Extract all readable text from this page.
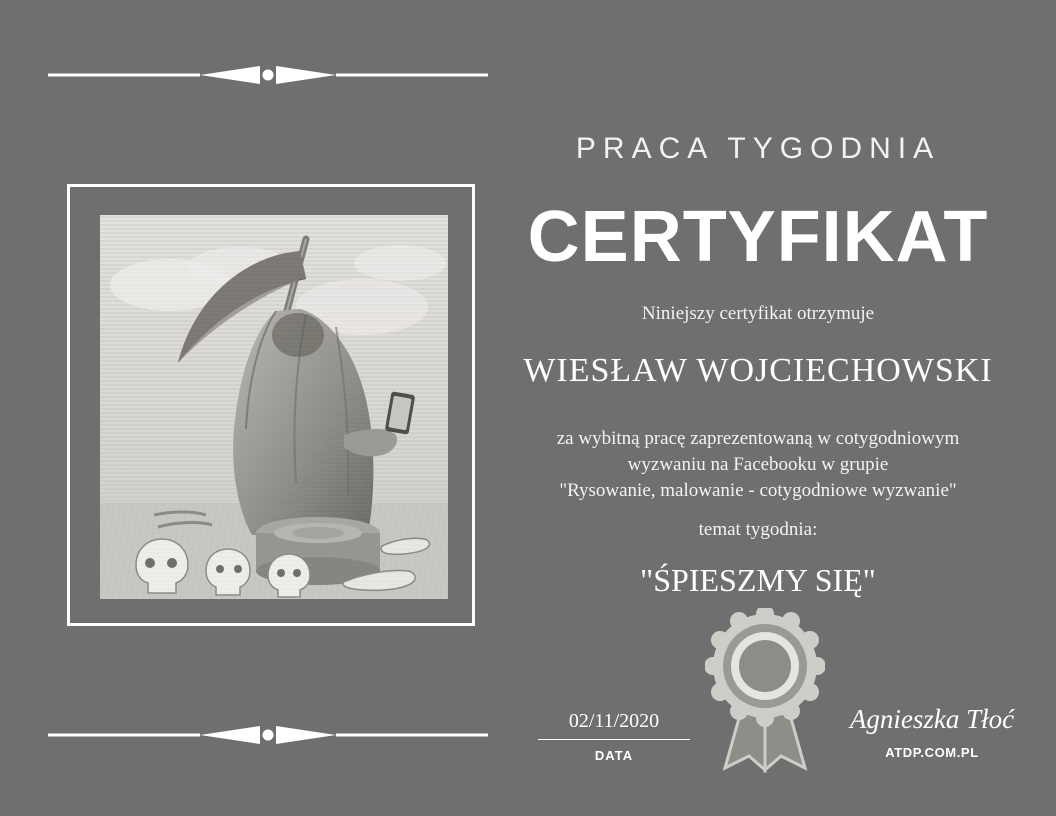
PRACA TYGODNIA
CERTYFIKAT
Niniejszy certyfikat otrzymuje
WIESŁAW WOJCIECHOWSKI
za wybitną pracę zaprezentowaną w cotygodniowym
wyzwaniu na Facebooku w grupie
"Rysowanie, malowanie - cotygodniowe wyzwanie"
temat tygodnia:
"ŚPIESZMY SIĘ"
02/11/2020
DATA
Agnieszka Tłoć
ATDP.COM.PL
